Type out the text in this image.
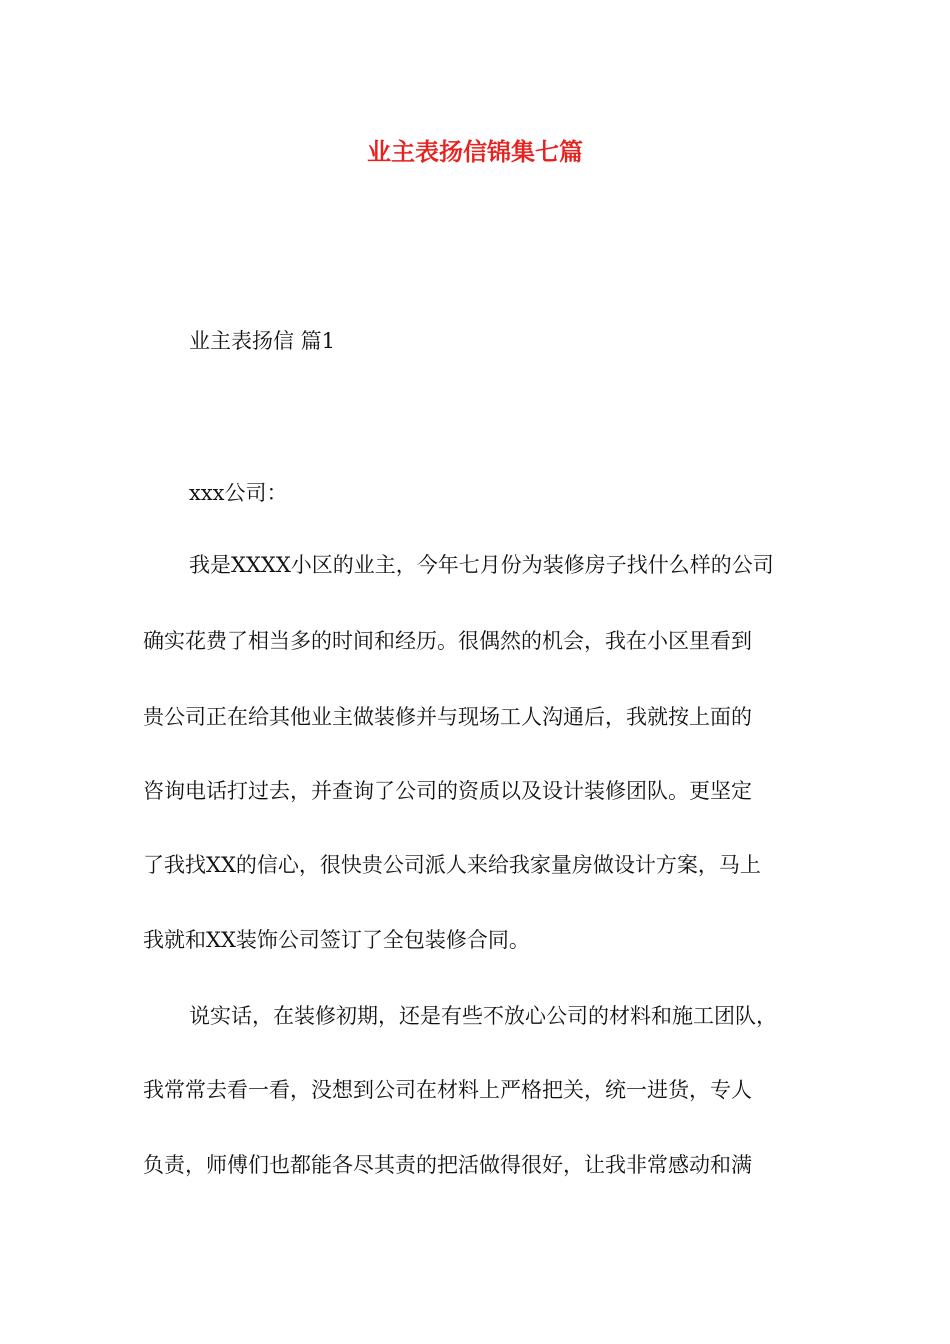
业主表扬信锦集七篇

业主表扬信 篇1

xxx公司：

我是XXXX小区的业主，今年七月份为装修房子找什么样的公司

确实花费了相当多的时间和经历。很偶然的机会，我在小区里看到

贵公司正在给其他业主做装修并与现场工人沟通后，我就按上面的

咨询电话打过去，并查询了公司的资质以及设计装修团队。更坚定

了我找XX的信心，很快贵公司派人来给我家量房做设计方案，马上

我就和XX装饰公司签订了全包装修合同。

说实话，在装修初期，还是有些不放心公司的材料和施工团队，

我常常去看一看，没想到公司在材料上严格把关，统一进货，专人

负责，师傅们也都能各尽其责的把活做得很好，让我非常感动和满
